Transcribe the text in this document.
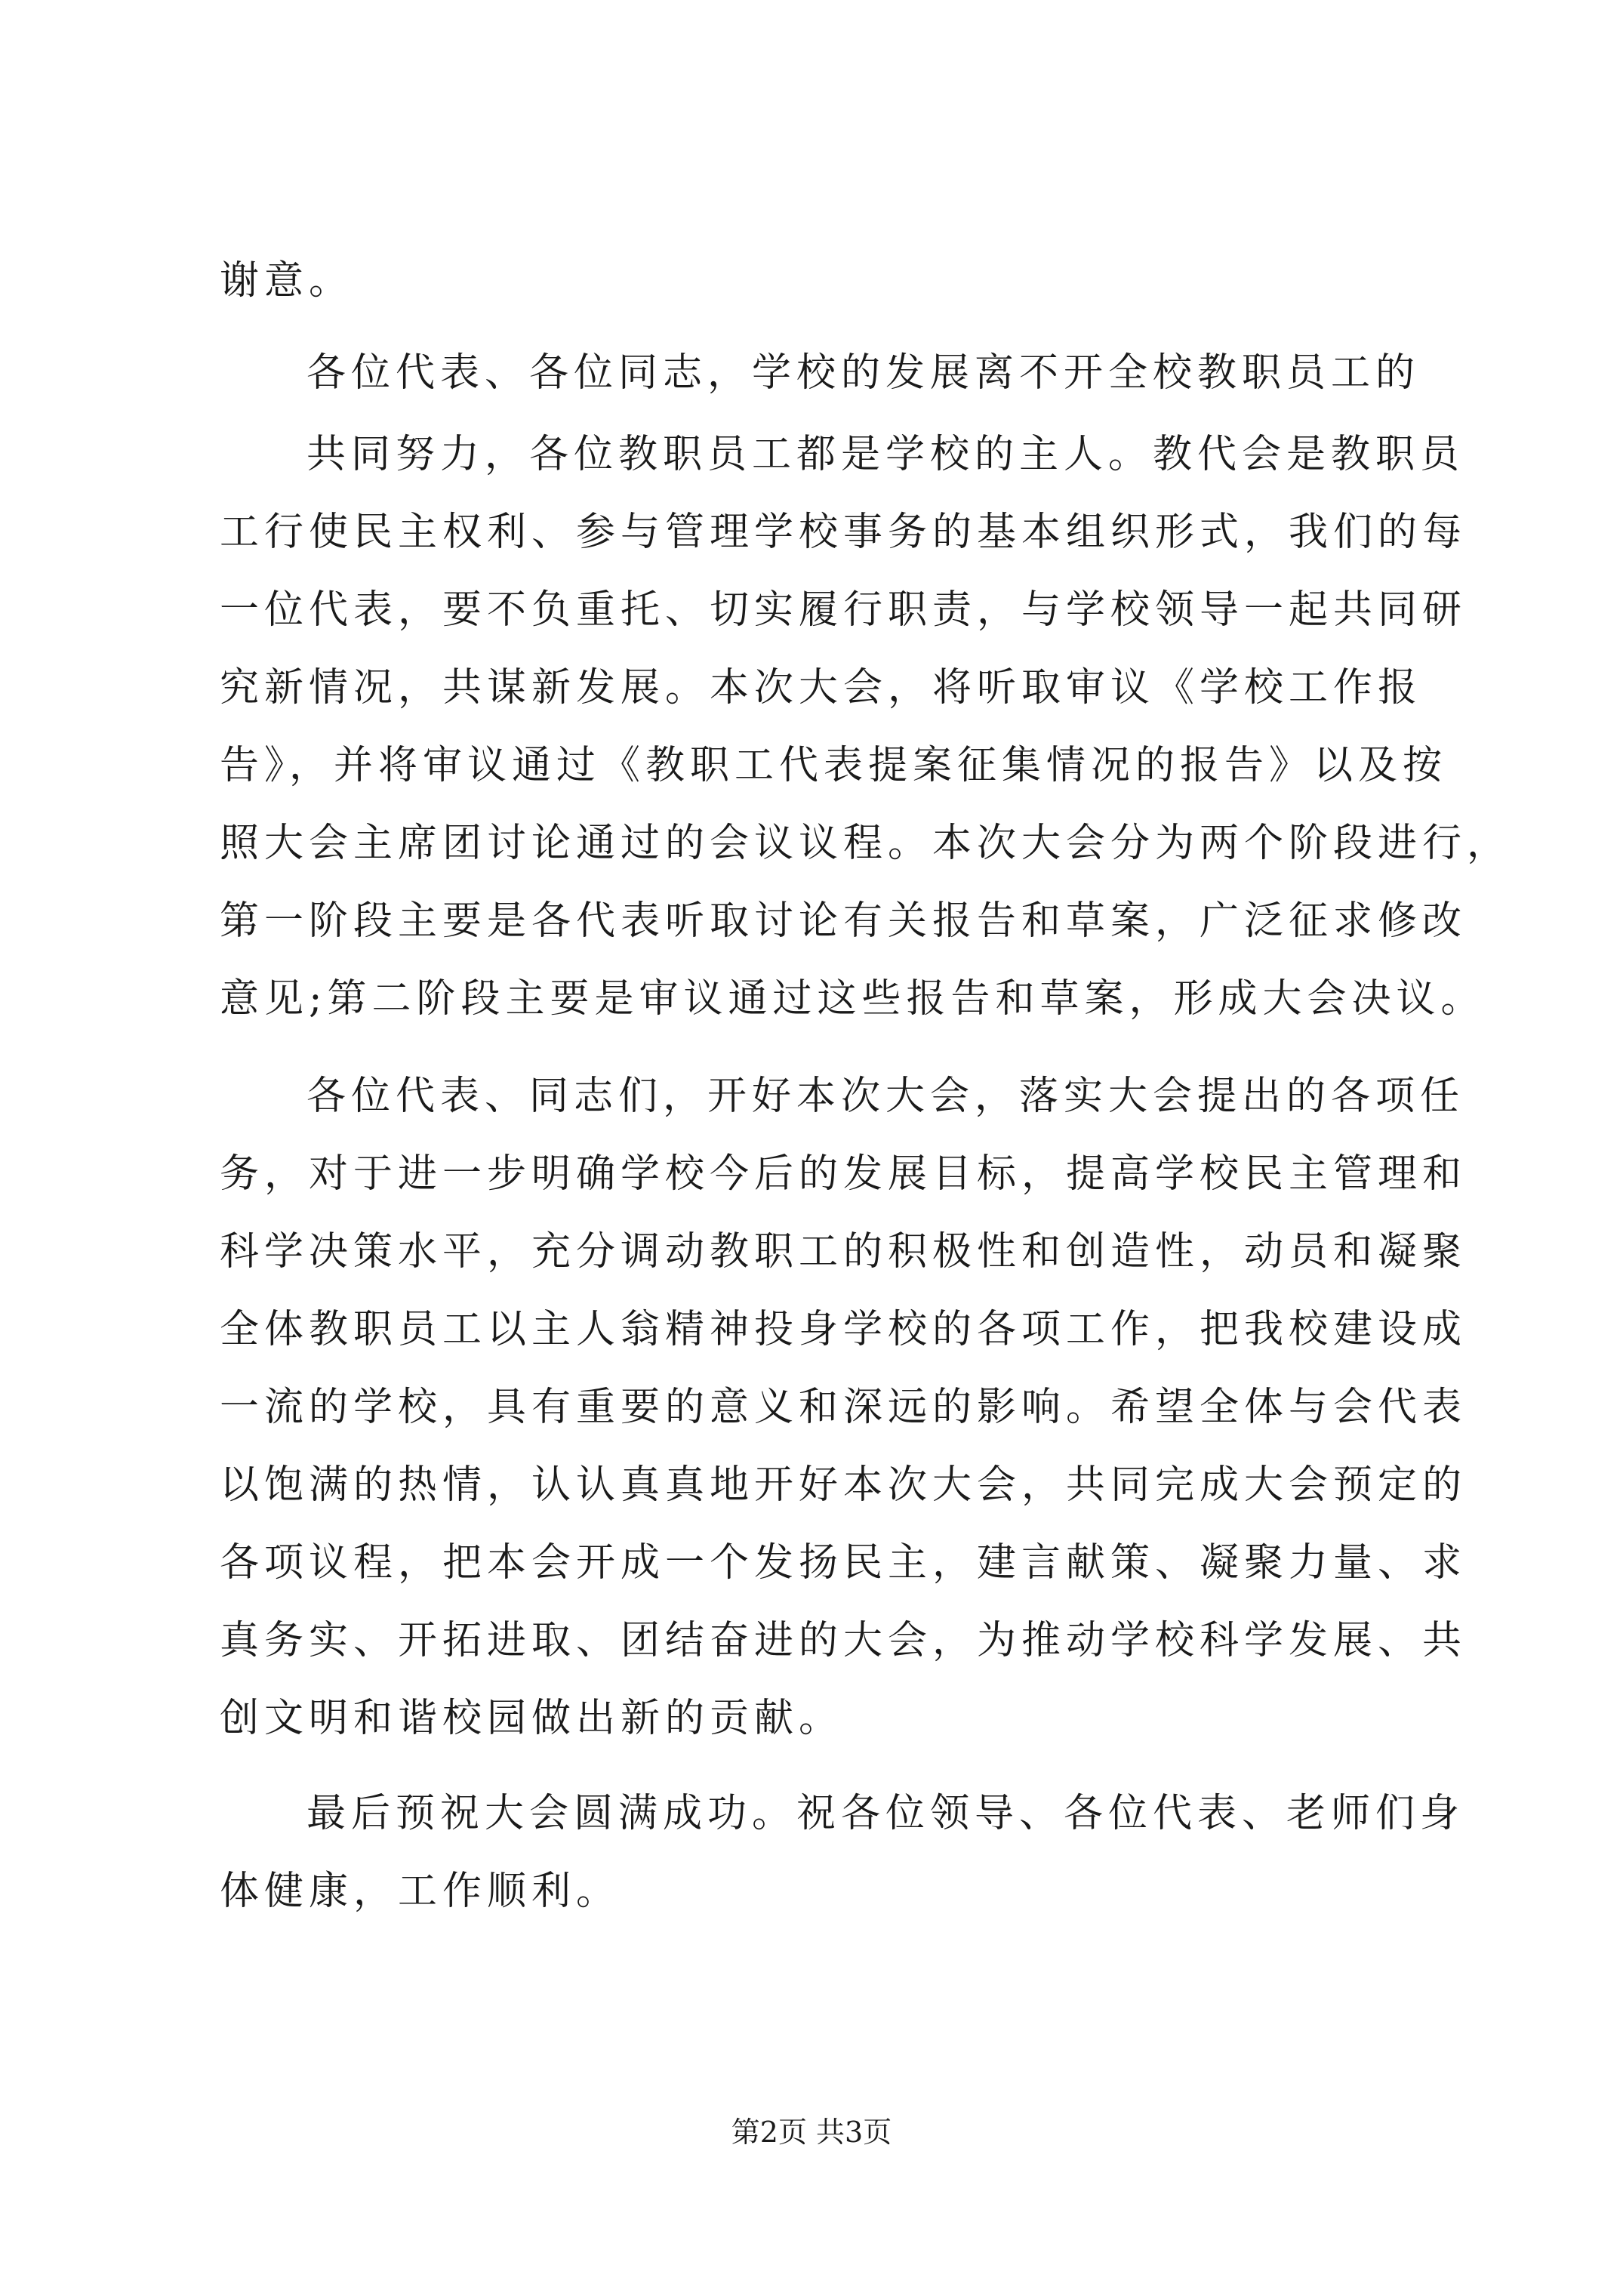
谢意。
各位代表、各位同志，学校的发展离不开全校教职员工的
共同努力，各位教职员工都是学校的主人。教代会是教职员
工行使民主权利、参与管理学校事务的基本组织形式，我们的每
一位代表，要不负重托、切实履行职责，与学校领导一起共同研
究新情况，共谋新发展。本次大会，将听取审议《学校工作报
告》，并将审议通过《教职工代表提案征集情况的报告》以及按
照大会主席团讨论通过的会议议程。本次大会分为两个阶段进行，
第一阶段主要是各代表听取讨论有关报告和草案，广泛征求修改
意见;第二阶段主要是审议通过这些报告和草案，形成大会决议。
各位代表、同志们，开好本次大会，落实大会提出的各项任
务，对于进一步明确学校今后的发展目标，提高学校民主管理和
科学决策水平，充分调动教职工的积极性和创造性，动员和凝聚
全体教职员工以主人翁精神投身学校的各项工作，把我校建设成
一流的学校，具有重要的意义和深远的影响。希望全体与会代表
以饱满的热情，认认真真地开好本次大会，共同完成大会预定的
各项议程，把本会开成一个发扬民主，建言献策、凝聚力量、求
真务实、开拓进取、团结奋进的大会，为推动学校科学发展、共
创文明和谐校园做出新的贡献。
最后预祝大会圆满成功。祝各位领导、各位代表、老师们身
体健康，工作顺利。
第2页 共3页
